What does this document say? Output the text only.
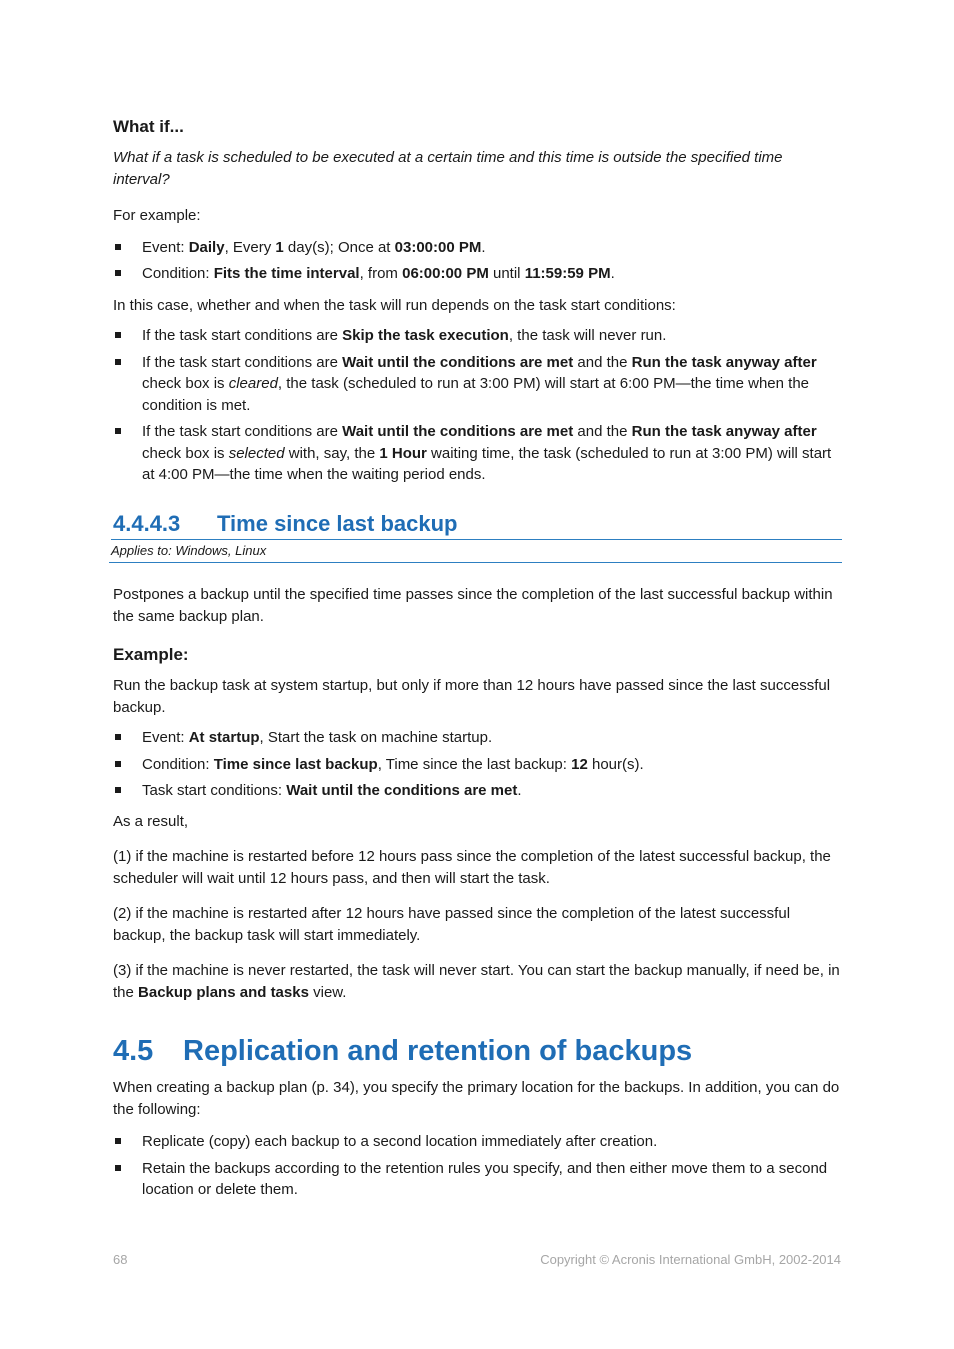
What if...

What if a task is scheduled to be executed at a certain time and this time is outside the specified time interval?

For example:

Event: Daily, Every 1 day(s); Once at 03:00:00 PM.
Condition: Fits the time interval, from 06:00:00 PM until 11:59:59 PM.

In this case, whether and when the task will run depends on the task start conditions:

If the task start conditions are Skip the task execution, the task will never run.
If the task start conditions are Wait until the conditions are met and the Run the task anyway after check box is cleared, the task (scheduled to run at 3:00 PM) will start at 6:00 PM—the time when the condition is met.
If the task start conditions are Wait until the conditions are met and the Run the task anyway after check box is selected with, say, the 1 Hour waiting time, the task (scheduled to run at 3:00 PM) will start at 4:00 PM—the time when the waiting period ends.
4.4.4.3 Time since last backup
Applies to: Windows, Linux

Postpones a backup until the specified time passes since the completion of the last successful backup within the same backup plan.

Example:

Run the backup task at system startup, but only if more than 12 hours have passed since the last successful backup.

Event: At startup, Start the task on machine startup.
Condition: Time since last backup, Time since the last backup: 12 hour(s).
Task start conditions: Wait until the conditions are met.

As a result,

(1) if the machine is restarted before 12 hours pass since the completion of the latest successful backup, the scheduler will wait until 12 hours pass, and then will start the task.

(2) if the machine is restarted after 12 hours have passed since the completion of the latest successful backup, the backup task will start immediately.

(3) if the machine is never restarted, the task will never start. You can start the backup manually, if need be, in the Backup plans and tasks view.

4.5 Replication and retention of backups

When creating a backup plan (p. 34), you specify the primary location for the backups. In addition, you can do the following:

Replicate (copy) each backup to a second location immediately after creation.
Retain the backups according to the retention rules you specify, and then either move them to a second location or delete them.
68	Copyright © Acronis International GmbH, 2002-2014
